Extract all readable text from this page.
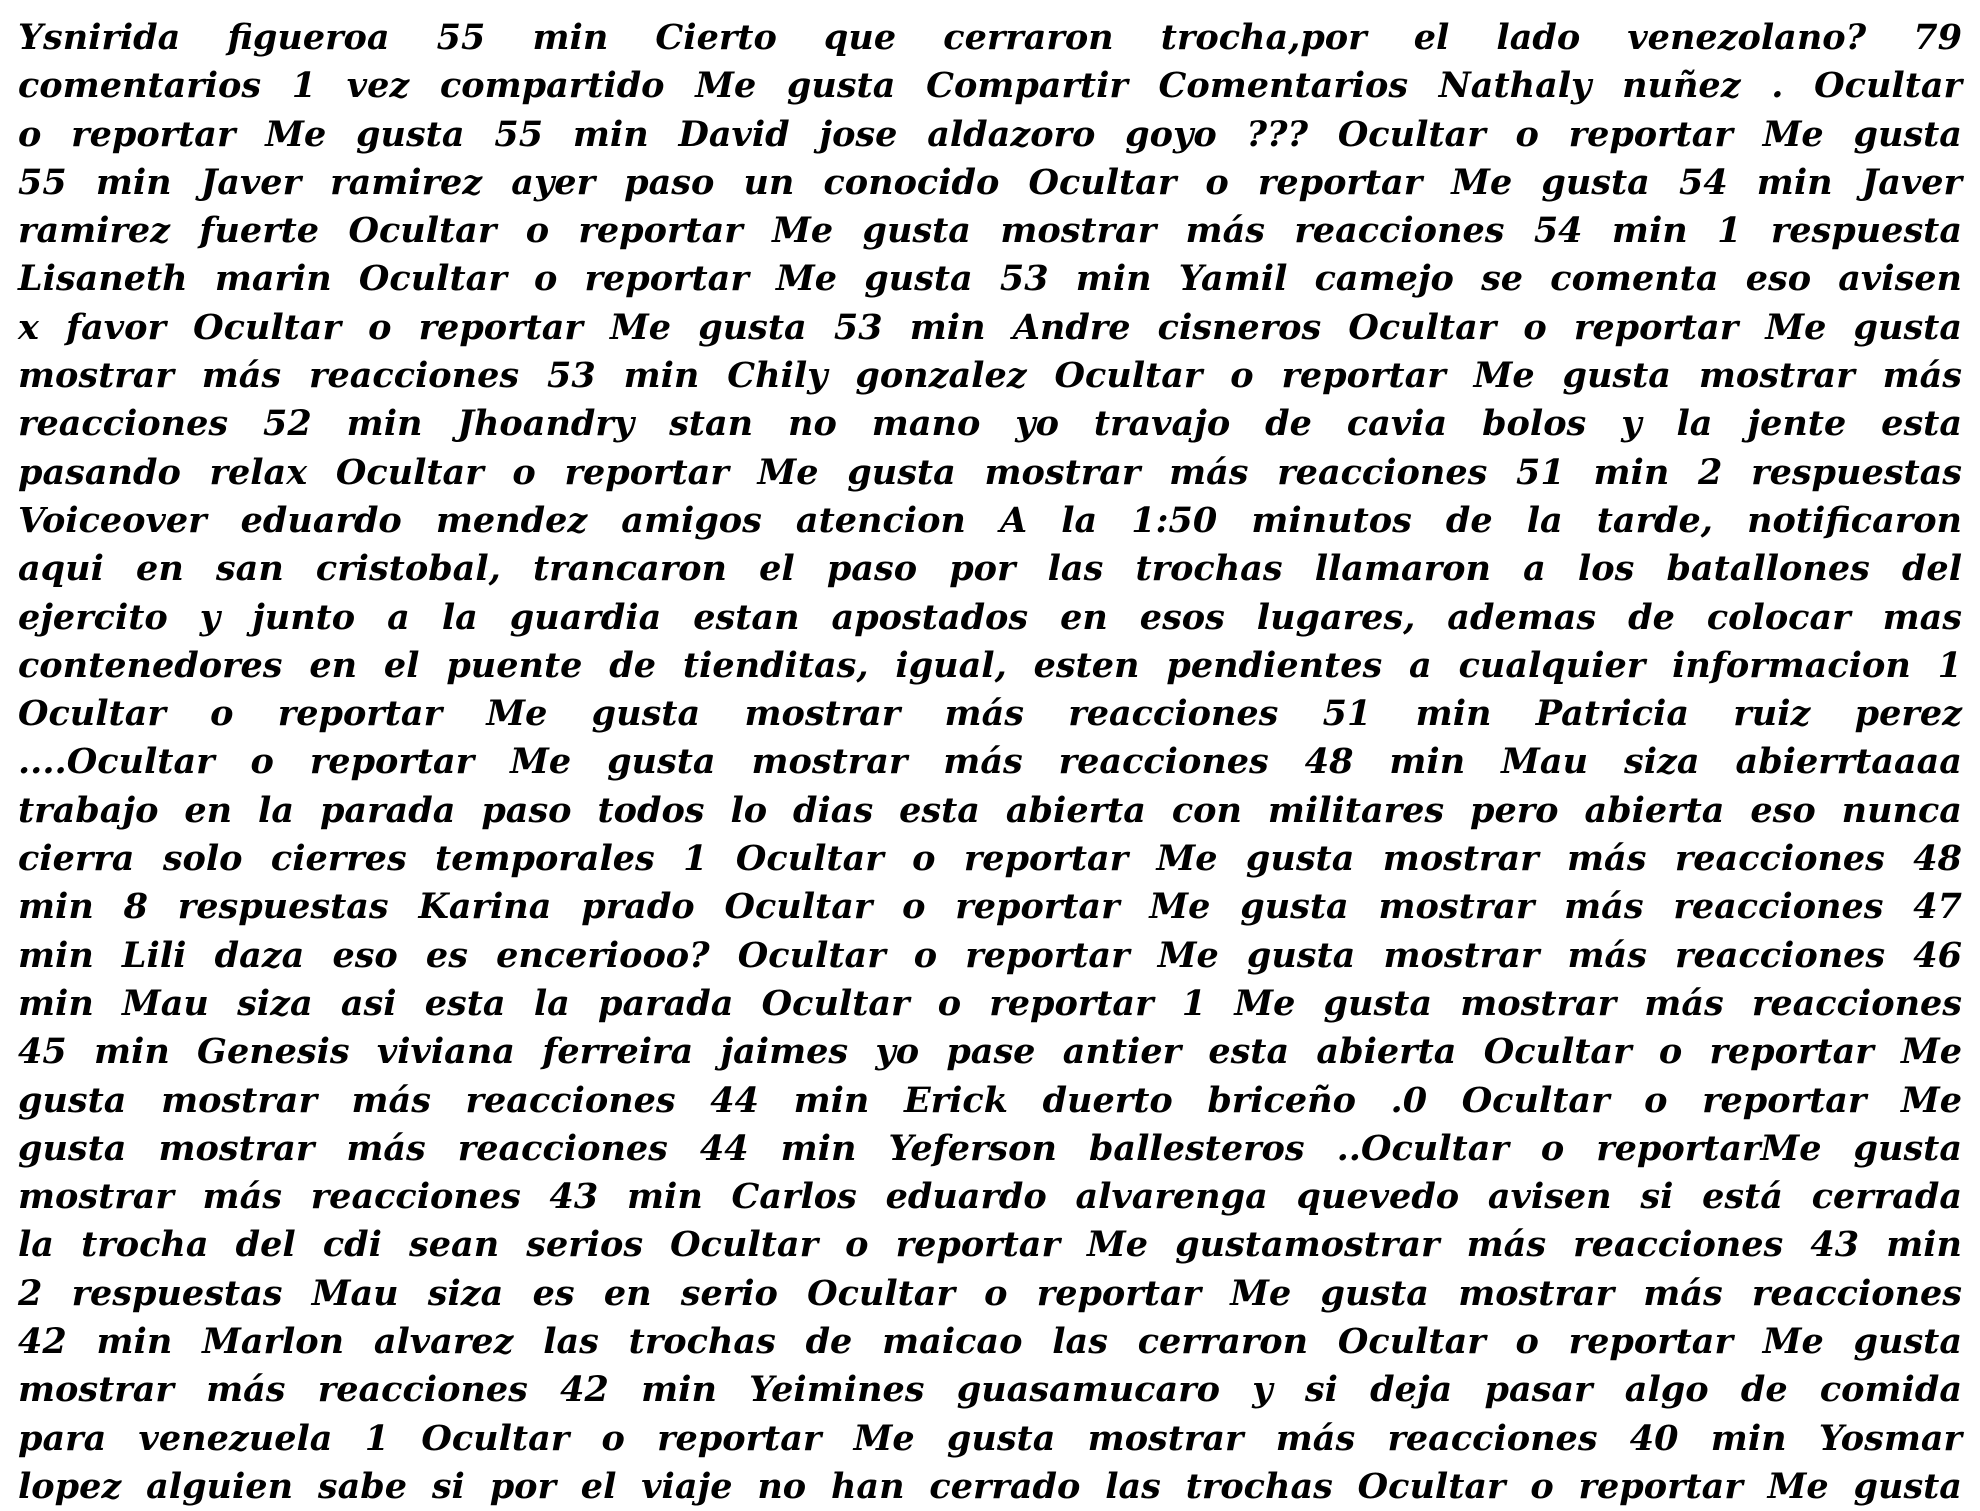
Ysnirida figueroa 55 min Cierto que cerraron trocha,por el lado venezolano? 79
comentarios 1 vez compartido Me gusta Compartir Comentarios Nathaly nuñez . Ocultar
o reportar Me gusta 55 min David jose aldazoro goyo ??? Ocultar o reportar Me gusta
55 min Javer ramirez ayer paso un conocido Ocultar o reportar Me gusta 54 min Javer
ramirez fuerte Ocultar o reportar Me gusta mostrar más reacciones 54 min 1 respuesta
Lisaneth marin Ocultar o reportar Me gusta 53 min Yamil camejo se comenta eso avisen
x favor Ocultar o reportar Me gusta 53 min Andre cisneros Ocultar o reportar Me gusta
mostrar más reacciones 53 min Chily gonzalez Ocultar o reportar Me gusta mostrar más
reacciones 52 min Jhoandry stan no mano yo travajo de cavia bolos y la jente esta
pasando relax Ocultar o reportar Me gusta mostrar más reacciones 51 min 2 respuestas
Voiceover eduardo mendez amigos atencion A la 1:50 minutos de la tarde, notificaron
aqui en san cristobal, trancaron el paso por las trochas llamaron a los batallones del
ejercito y junto a la guardia estan apostados en esos lugares, ademas de colocar mas
contenedores en el puente de tienditas, igual, esten pendientes a cualquier informacion 1
Ocultar o reportar Me gusta mostrar más reacciones 51 min Patricia ruiz perez
....Ocultar o reportar Me gusta mostrar más reacciones 48 min Mau siza abierrtaaaa
trabajo en la parada paso todos lo dias esta abierta con militares pero abierta eso nunca
cierra solo cierres temporales 1 Ocultar o reportar Me gusta mostrar más reacciones 48
min 8 respuestas Karina prado Ocultar o reportar Me gusta mostrar más reacciones 47
min Lili daza eso es enceriooo? Ocultar o reportar Me gusta mostrar más reacciones 46
min Mau siza asi esta la parada Ocultar o reportar 1 Me gusta mostrar más reacciones
45 min Genesis viviana ferreira jaimes yo pase antier esta abierta Ocultar o reportar Me
gusta mostrar más reacciones 44 min Erick duerto briceño .0 Ocultar o reportar Me
gusta mostrar más reacciones 44 min Yeferson ballesteros ..Ocultar o reportarMe gusta
mostrar más reacciones 43 min Carlos eduardo alvarenga quevedo avisen si está cerrada
la trocha del cdi sean serios Ocultar o reportar Me gustamostrar más reacciones 43 min
2 respuestas Mau siza es en serio Ocultar o reportar Me gusta mostrar más reacciones
42 min Marlon alvarez las trochas de maicao las cerraron Ocultar o reportar Me gusta
mostrar más reacciones 42 min Yeimines guasamucaro y si deja pasar algo de comida
para venezuela 1 Ocultar o reportar Me gusta mostrar más reacciones 40 min Yosmar
lopez alguien sabe si por el viaje no han cerrado las trochas Ocultar o reportar Me gusta
